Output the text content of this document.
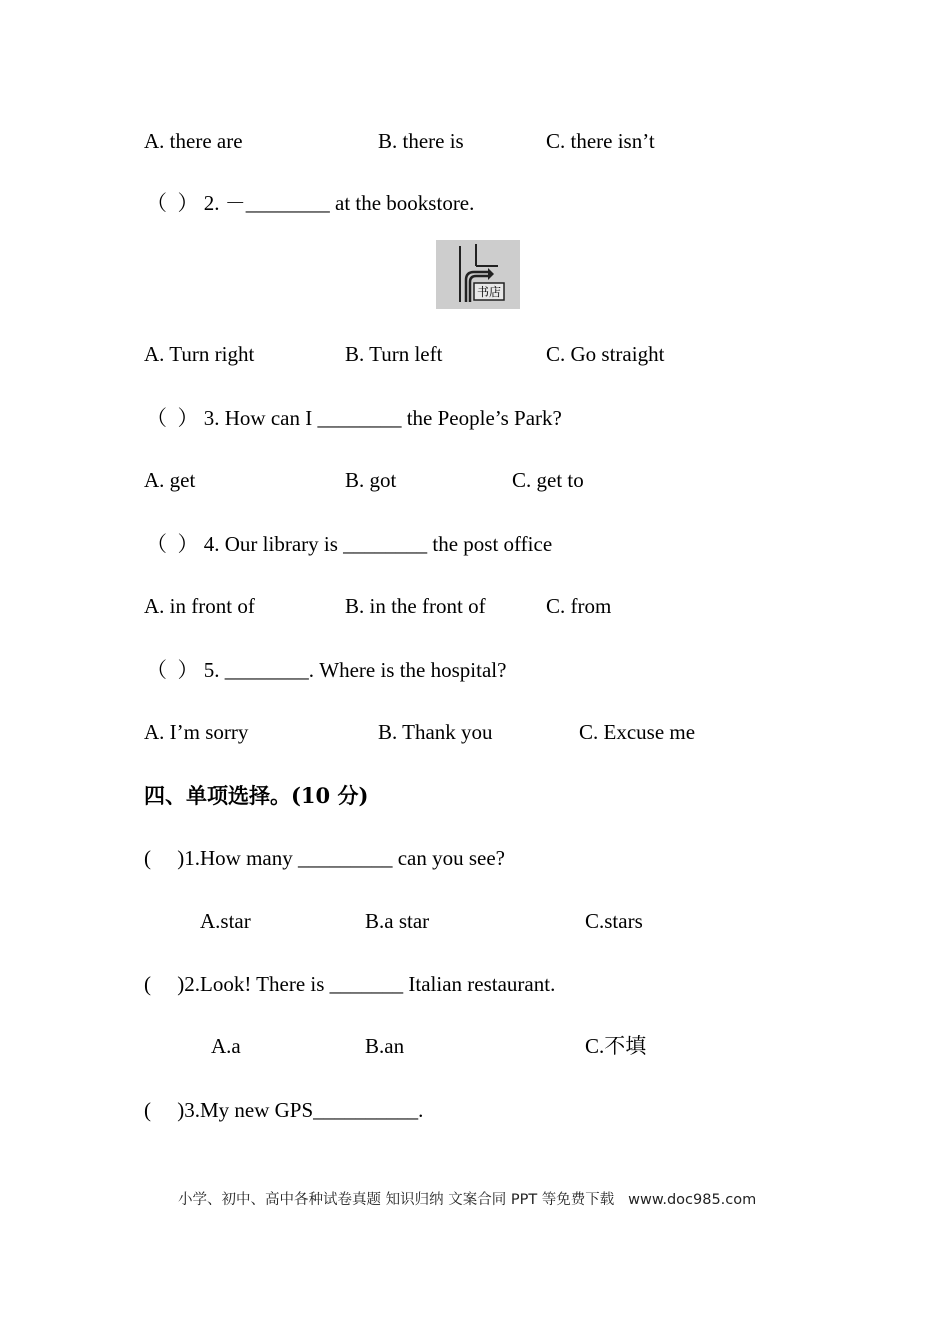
A. there are	B. there is	C. there isn’t
（  ） 2. －________ at the bookstore.
书店
A. Turn right	B. Turn left	C. Go straight
（  ） 3. How can I ________ the People’s Park?
A. get	B. got	C. get to
（  ） 4. Our library is ________ the post office
A. in front of	B. in the front of	C. from
（  ） 5. ________. Where is the hospital?
A. I’m sorry	B. Thank you	C. Excuse me
四、单项选择。(10 分)
(     )1.How many _________ can you see?
A.star	B.a star	C.stars
(     )2.Look! There is _______ Italian restaurant.
A.a	B.an	C.不填
(     )3.My new GPS__________.
小学、初中、高中各种试卷真题 知识归纳 文案合同 PPT 等免费下载   www.doc985.com
